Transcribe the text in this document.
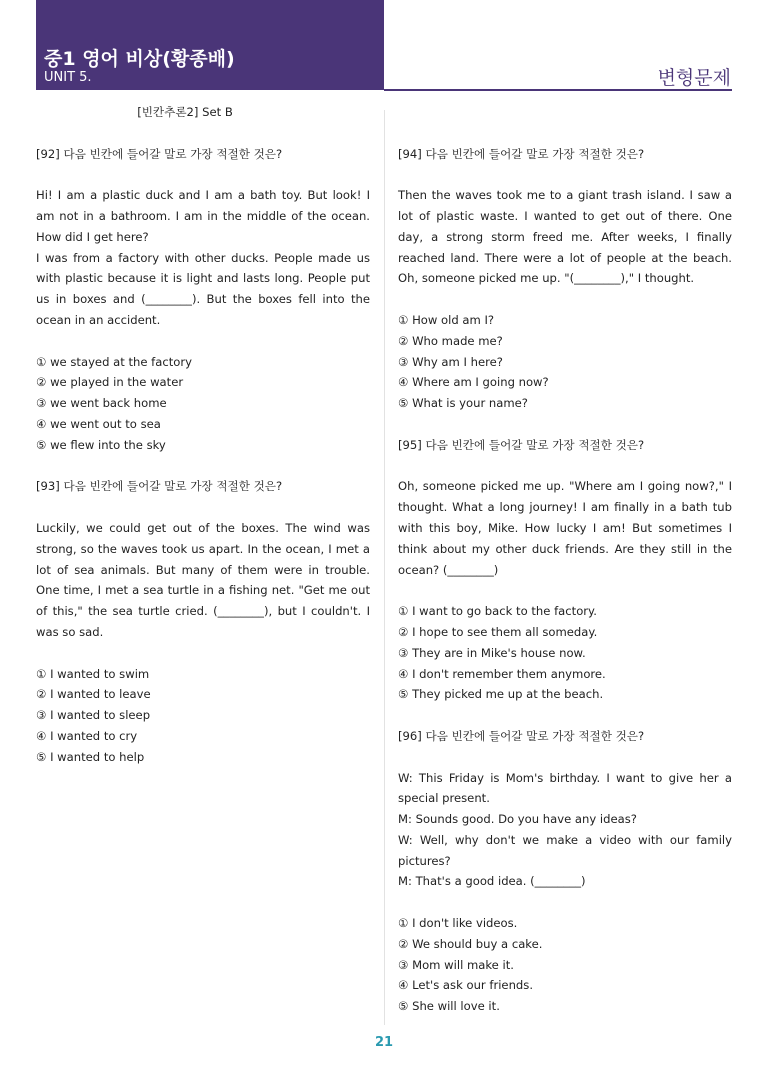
중1 영어 비상(황종배)
UNIT 5.	변형문제
[빈칸추론2] Set B
[92] 다음 빈칸에 들어갈 말로 가장 적절한 것은?
Hi! I am a plastic duck and I am a bath toy. But look! I am not in a bathroom. I am in the middle of the ocean. How did I get here?
I was from a factory with other ducks. People made us with plastic because it is light and lasts long. People put us in boxes and (________). But the boxes fell into the ocean in an accident.
① we stayed at the factory
② we played in the water
③ we went back home
④ we went out to sea
⑤ we flew into the sky
[93] 다음 빈칸에 들어갈 말로 가장 적절한 것은?
Luckily, we could get out of the boxes. The wind was strong, so the waves took us apart. In the ocean, I met a lot of sea animals. But many of them were in trouble. One time, I met a sea turtle in a fishing net. "Get me out of this," the sea turtle cried. (________), but I couldn't. I was so sad.
① I wanted to swim
② I wanted to leave
③ I wanted to sleep
④ I wanted to cry
⑤ I wanted to help
[94] 다음 빈칸에 들어갈 말로 가장 적절한 것은?
Then the waves took me to a giant trash island. I saw a lot of plastic waste. I wanted to get out of there. One day, a strong storm freed me. After weeks, I finally reached land. There were a lot of people at the beach. Oh, someone picked me up. "(________)," I thought.
① How old am I?
② Who made me?
③ Why am I here?
④ Where am I going now?
⑤ What is your name?
[95] 다음 빈칸에 들어갈 말로 가장 적절한 것은?
Oh, someone picked me up. "Where am I going now?," I thought. What a long journey! I am finally in a bath tub with this boy, Mike. How lucky I am! But sometimes I think about my other duck friends. Are they still in the ocean? (________)
① I want to go back to the factory.
② I hope to see them all someday.
③ They are in Mike's house now.
④ I don't remember them anymore.
⑤ They picked me up at the beach.
[96] 다음 빈칸에 들어갈 말로 가장 적절한 것은?
W: This Friday is Mom's birthday. I want to give her a special present.
M: Sounds good. Do you have any ideas?
W: Well, why don't we make a video with our family pictures?
M: That's a good idea. (________)
① I don't like videos.
② We should buy a cake.
③ Mom will make it.
④ Let's ask our friends.
⑤ She will love it.
21
